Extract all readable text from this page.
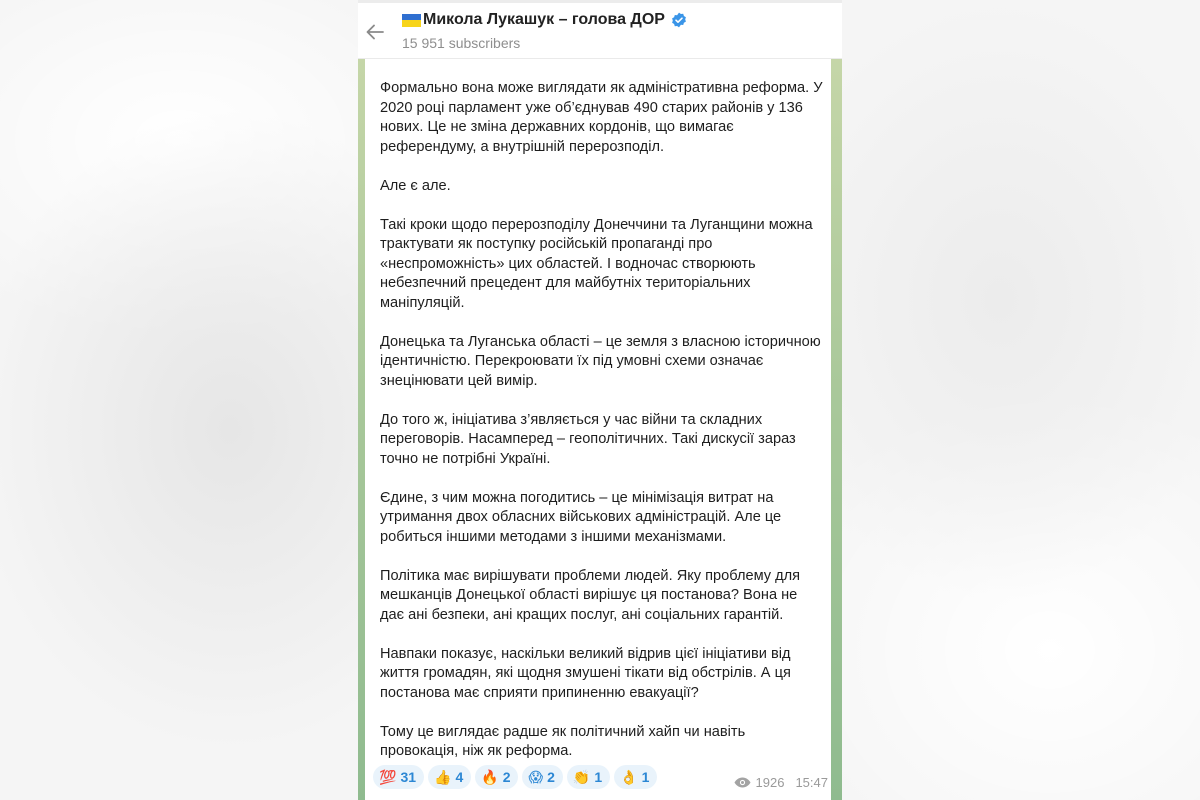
Микола Лукашук – голова ДОР
15 951 subscribers

Формально вона може виглядати як адміністративна реформа. У 2020 році парламент уже об’єднував 490 старих районів у 136 нових. Це не зміна державних кордонів, що вимагає референдуму, а внутрішній перерозподіл.

Але є але.

Такі кроки щодо перерозподілу Донеччини та Луганщини можна трактувати як поступку російській пропаганді про «неспроможність» цих областей. І водночас створюють небезпечний прецедент для майбутніх територіальних маніпуляцій.

Донецька та Луганська області – це земля з власною історичною ідентичністю. Перекроювати їх під умовні схеми означає знецінювати цей вимір.

До того ж, ініціатива з’являється у час війни та складних переговорів. Насамперед – геополітичних. Такі дискусії зараз точно не потрібні Україні.

Єдине, з чим можна погодитись – це мінімізація витрат на утримання двох обласних військових адміністрацій. Але це робиться іншими методами з іншими механізмами.

Політика має вирішувати проблеми людей. Яку проблему для мешканців Донецької області вирішує ця постанова? Вона не дає ані безпеки, ані кращих послуг, ані соціальних гарантій.

Навпаки показує, наскільки великий відрив цієї ініціативи від життя громадян, які щодня змушені тікати від обстрілів. А ця постанова має сприяти припиненню евакуації?

Тому це виглядає радше як політичний хайп чи навіть провокація, ніж як реформа.

💯 31 👍 4 🔥 2 😱 2 👏 1 👌 1	1926 15:47
